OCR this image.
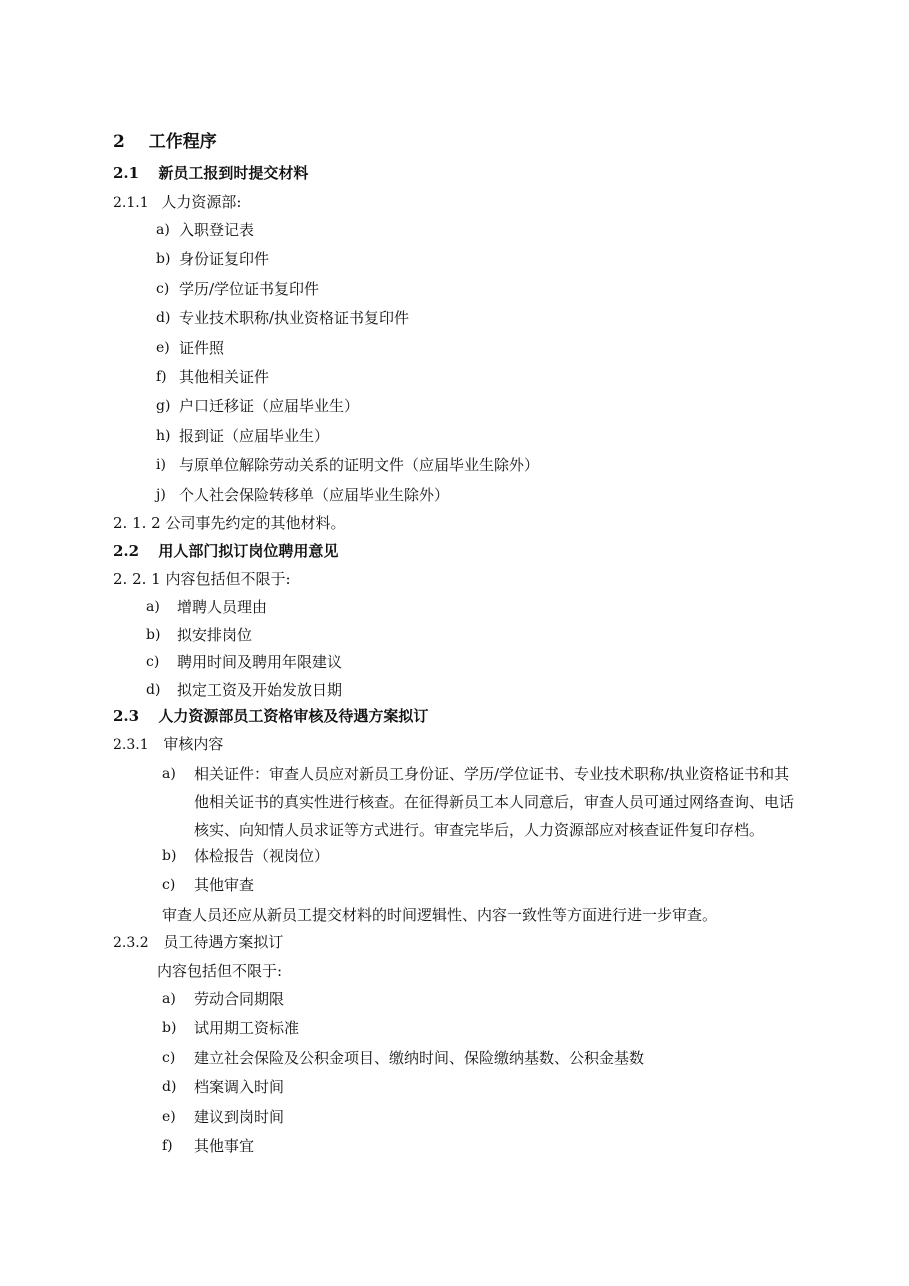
2 工作程序
2.1 新员工报到时提交材料
2.1.1 人力资源部:
a) 入职登记表
b) 身份证复印件
c) 学历/学位证书复印件
d) 专业技术职称/执业资格证书复印件
e) 证件照
f) 其他相关证件
g) 户口迁移证（应届毕业生）
h) 报到证（应届毕业生）
i) 与原单位解除劳动关系的证明文件（应届毕业生除外）
j) 个人社会保险转移单（应届毕业生除外）
2. 1. 2 公司事先约定的其他材料。
2.2 用人部门拟订岗位聘用意见
2. 2. 1 内容包括但不限于:
a) 增聘人员理由
b) 拟安排岗位
c) 聘用时间及聘用年限建议
d) 拟定工资及开始发放日期
2.3 人力资源部员工资格审核及待遇方案拟订
2.3.1 审核内容
a) 相关证件：审查人员应对新员工身份证、学历/学位证书、专业技术职称/执业资格证书和其
他相关证书的真实性进行核查。在征得新员工本人同意后，审查人员可通过网络查询、电话
核实、向知情人员求证等方式进行。审查完毕后，人力资源部应对核查证件复印存档。
b) 体检报告（视岗位）
c) 其他审查
审查人员还应从新员工提交材料的时间逻辑性、内容一致性等方面进行进一步审查。
2.3.2 员工待遇方案拟订
内容包括但不限于:
a) 劳动合同期限
b) 试用期工资标准
c) 建立社会保险及公积金项目、缴纳时间、保险缴纳基数、公积金基数
d) 档案调入时间
e) 建议到岗时间
f) 其他事宜
